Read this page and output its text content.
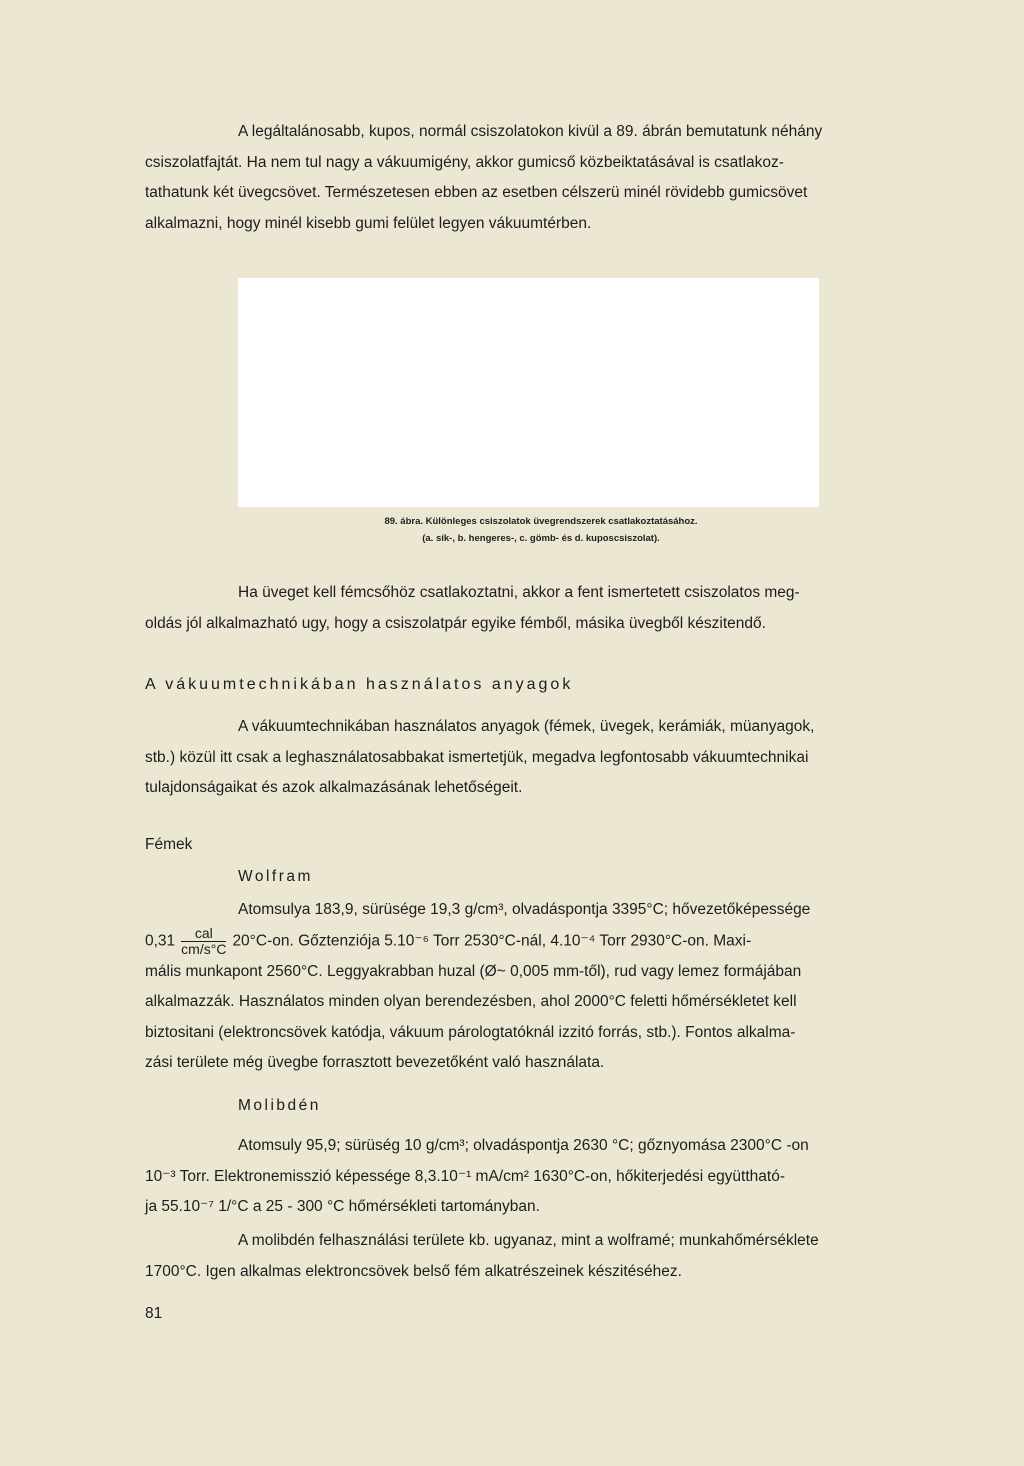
A legáltalánosabb, kupos, normál csiszolatokon kivül a 89. ábrán bemutatunk néhány
csiszolatfajtát. Ha nem tul nagy a vákuumigény, akkor gumicső közbeiktatásával is csatlakoz-
tathatunk két üvegcsövet. Természetesen ebben az esetben célszerü minél rövidebb gumicsövet
alkalmazni, hogy minél kisebb gumi felület legyen vákuumtérben.
89. ábra. Különleges csiszolatok üvegrendszerek csatlakoztatásához.
(a. sík-, b. hengeres-, c. gömb- és d. kuposcsiszolat).
Ha üveget kell fémcsőhöz csatlakoztatni, akkor a fent ismertetett csiszolatos meg-
oldás jól alkalmazható ugy, hogy a csiszolatpár egyike fémből, másika üvegből készitendő.
A vákuumtechnikában használatos anyagok
A vákuumtechnikában használatos anyagok (fémek, üvegek, kerámiák, müanyagok,
stb.) közül itt csak a leghasználatosabbakat ismertetjük, megadva legfontosabb vákuumtechnikai
tulajdonságaikat és azok alkalmazásának lehetőségeit.
Fémek
Wolfram
Atomsulya 183,9, sürüsége 19,3 g/cm³, olvadáspontja 3395°C; hővezetőképessége
$0,31 \frac{\text{cal}}{cm/s^\circ C} 20^\circ C-on$. Gőztenziója 5.10⁻⁶ Torr 2530°C-nál, 4.10⁻⁴ Torr 2930°C-on. Maxi-
mális munkapont 2560°C. Leggyakrabban huzal (Ø~ 0,005 mm-től), rud vagy lemez formájában
alkalmazzák. Használatos minden olyan berendezésben, ahol 2000°C feletti hőmérsékletet kell
biztositani (elektroncsövek katódja, vákuum párologtatóknál izzitó forrás, stb.). Fontos alkalma-
zási területe még üvegbe forrasztott bevezetőként való használata.
Molibdén
Atomsuly 95,9; sürüség 10 g/cm³; olvadáspontja 2630 °C; gőznyomása 2300°C -on
10⁻³ Torr. Elektronemisszió képessége 8,3.10⁻¹ mA/cm² 1630°C-on, hőkiterjedési együttható-
ja 55.10⁻⁷ 1/°C a 25 - 300 °C hőmérsékleti tartományban.
A molibdén felhasználási területe kb. ugyanaz, mint a wolframé; munkahőmérséklete
1700°C. Igen alkalmas elektroncsövek belső fém alkatrészeinek készitéséhez.
81
